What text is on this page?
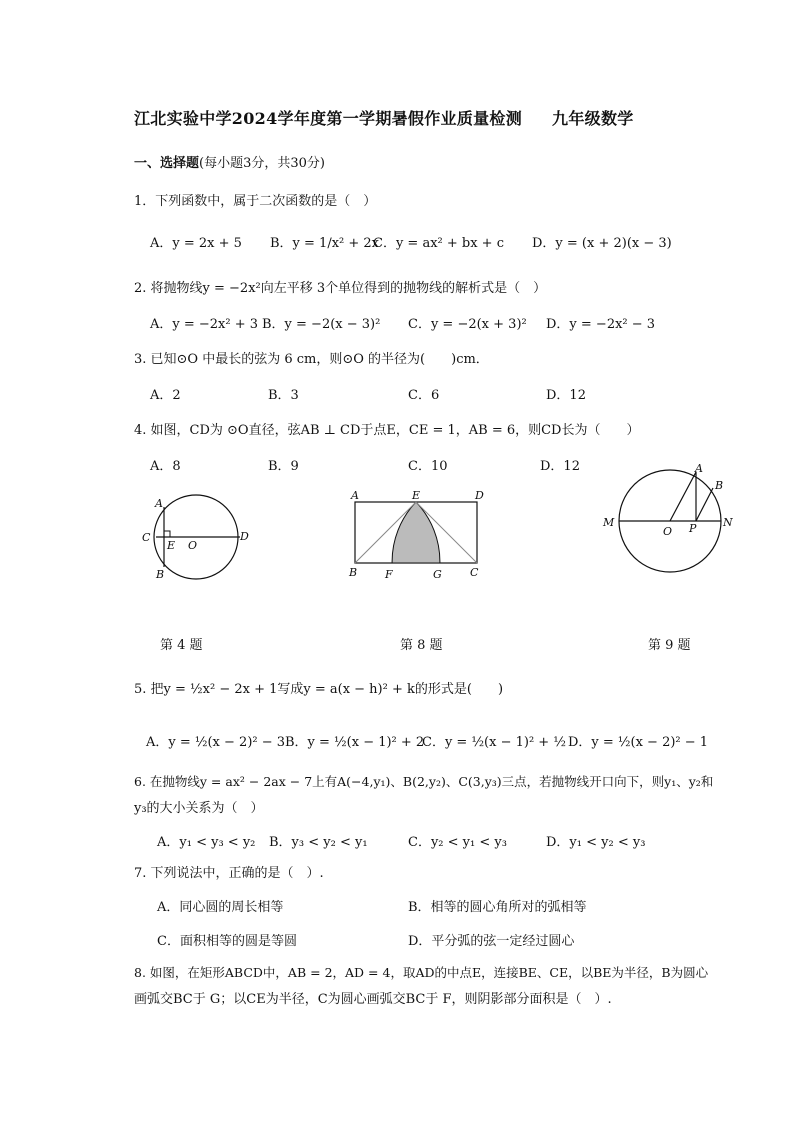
江北实验中学2024学年度第一学期暑假作业质量检测 九年级数学
一、选择题(每小题3分，共30分)
1．下列函数中，属于二次函数的是（　）
A．y = 2x + 5 B．y = 1/x² + 2x
C．y = ax² + bx + c D．y = (x + 2)(x − 3)
2. 将抛物线y = −2x²向左平移 3个单位得到的抛物线的解析式是（　）
A．y = −2x² + 3 B．y = −2(x − 3)² C．y = −2(x + 3)² D．y = −2x² − 3
3. 已知⊙O 中最长的弦为 6 cm，则⊙O 的半径为(　　)cm．
A．2	B．3	C．6	D．12
4. 如图，CD为 ⊙O直径，弦AB ⊥ CD于点E，CE = 1，AB = 6，则CD长为（　　）
A．8	B．9	C．10	D．12
A
C
E O
D
B
A	E	D
B	F	G	C
A
B
M
O P N
第 4 题	第 8 题	第 9 题
5. 把y = ½x² − 2x + 1写成y = a(x − h)² + k的形式是(　　)
A．y = ½(x − 2)² − 3 B．y = ½(x − 1)² + 2
C．y = ½(x − 1)² + ½ D．y = ½(x − 2)² − 1
6. 在抛物线y = ax² − 2ax − 7上有A(−4,y₁)、B(2,y₂)、C(3,y₃)三点，若抛物线开口向下，则y₁、y₂和
y₃的大小关系为（　）
A．y₁ < y₃ < y₂ B．y₃ < y₂ < y₁	C．y₂ < y₁ < y₃	D．y₁ < y₂ < y₃
7. 下列说法中，正确的是（　）.
A．同心圆的周长相等	B．相等的圆心角所对的弧相等
C．面积相等的圆是等圆	D．平分弧的弦一定经过圆心
8. 如图，在矩形ABCD中，AB = 2，AD = 4，取AD的中点E，连接BE、CE，以BE为半径，B为圆心
画弧交BC于 G；以CE为半径，C为圆心画弧交BC于 F，则阴影部分面积是（　）.
